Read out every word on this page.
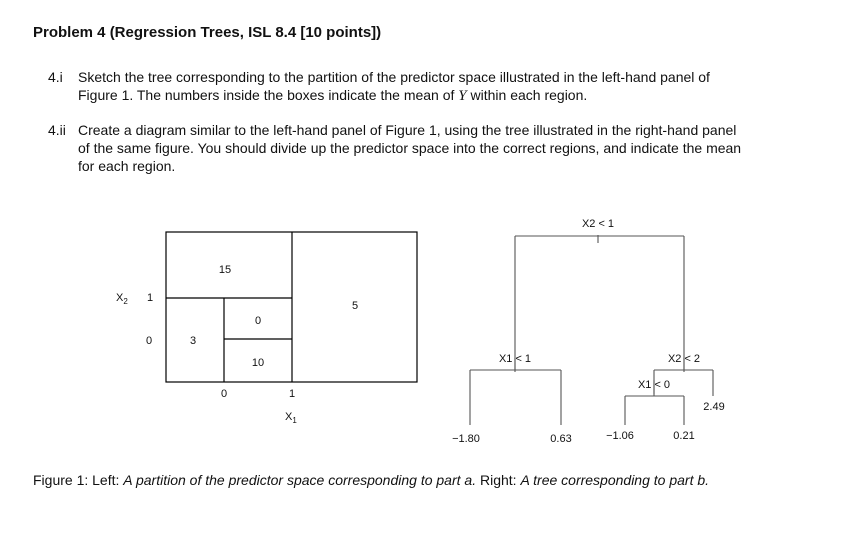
Problem 4 (Regression Trees, ISL 8.4 [10 points])
4.i Sketch the tree corresponding to the partition of the predictor space illustrated in the left-hand panel of
Figure 1. The numbers inside the boxes indicate the mean of Y within each region.
4.ii Create a diagram similar to the left-hand panel of Figure 1, using the tree illustrated in the right-hand panel
of the same figure. You should divide up the predictor space into the correct regions, and indicate the mean
for each region.
15
3
0
10
5
$X_2$ 1
0
0	1
$X_1$
X2 < 1
X1 < 1	X2 < 2
X1 < 0
−1.80	0.63	−1.06	0.21
2.49
Figure 1: Left: A partition of the predictor space corresponding to part a. Right: A tree corresponding to part b.
